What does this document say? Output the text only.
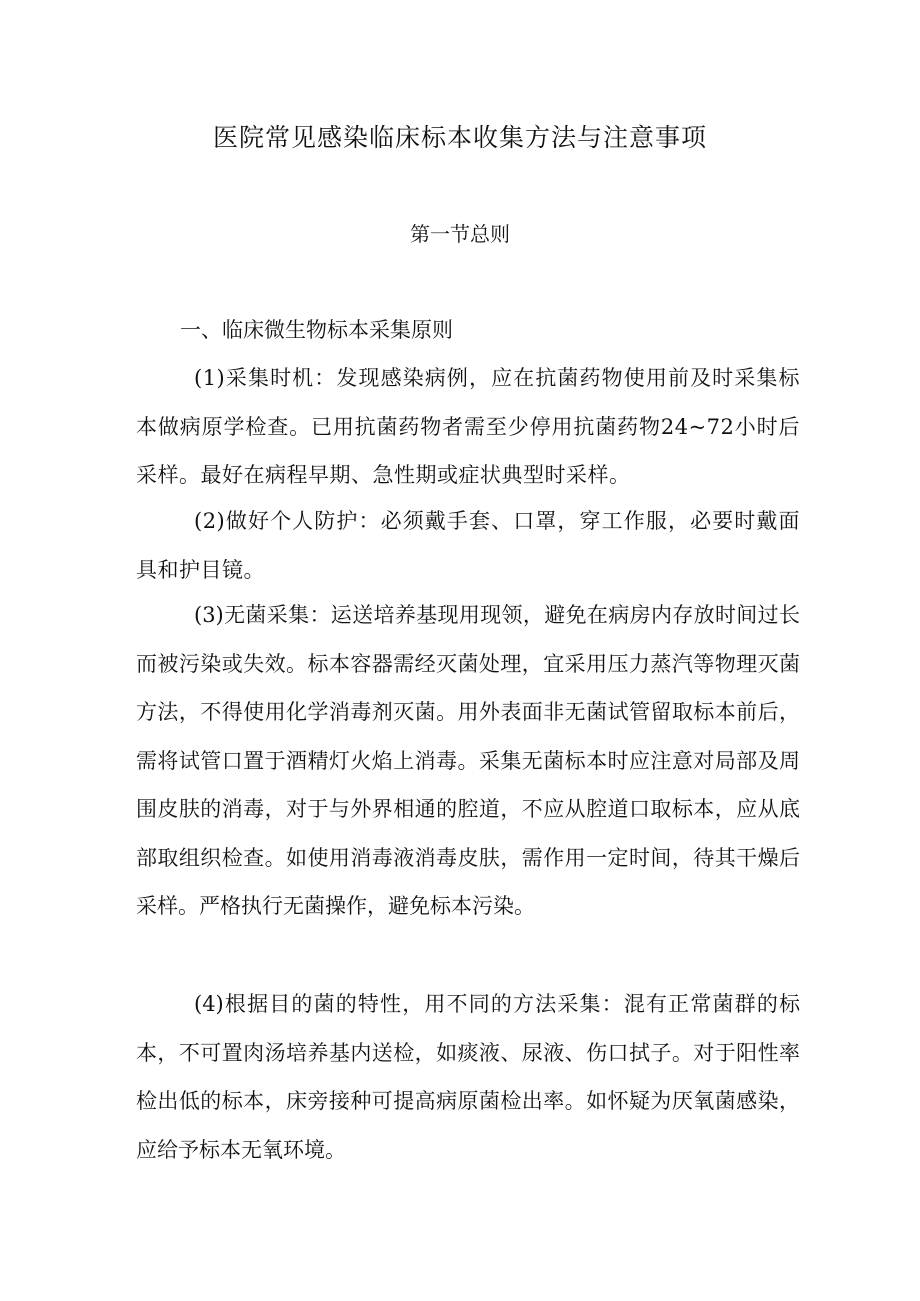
医院常见感染临床标本收集方法与注意事项
第一节总则
一、临床微生物标本采集原则

(1)采集时机：发现感染病例，应在抗菌药物使用前及时采集标本做病原学检查。已用抗菌药物者需至少停用抗菌药物24~72小时后采样。最好在病程早期、急性期或症状典型时采样。

(2)做好个人防护：必须戴手套、口罩，穿工作服，必要时戴面具和护目镜。

(3)无菌采集：运送培养基现用现领，避免在病房内存放时间过长而被污染或失效。标本容器需经灭菌处理，宜采用压力蒸汽等物理灭菌方法，不得使用化学消毒剂灭菌。用外表面非无菌试管留取标本前后，需将试管口置于酒精灯火焰上消毒。采集无菌标本时应注意对局部及周围皮肤的消毒，对于与外界相通的腔道，不应从腔道口取标本，应从底部取组织检查。如使用消毒液消毒皮肤，需作用一定时间，待其干燥后采样。严格执行无菌操作，避免标本污染。

(4)根据目的菌的特性，用不同的方法采集：混有正常菌群的标本，不可置肉汤培养基内送检，如痰液、尿液、伤口拭子。对于阳性率检出低的标本，床旁接种可提高病原菌检出率。如怀疑为厌氧菌感染，应给予标本无氧环境。
